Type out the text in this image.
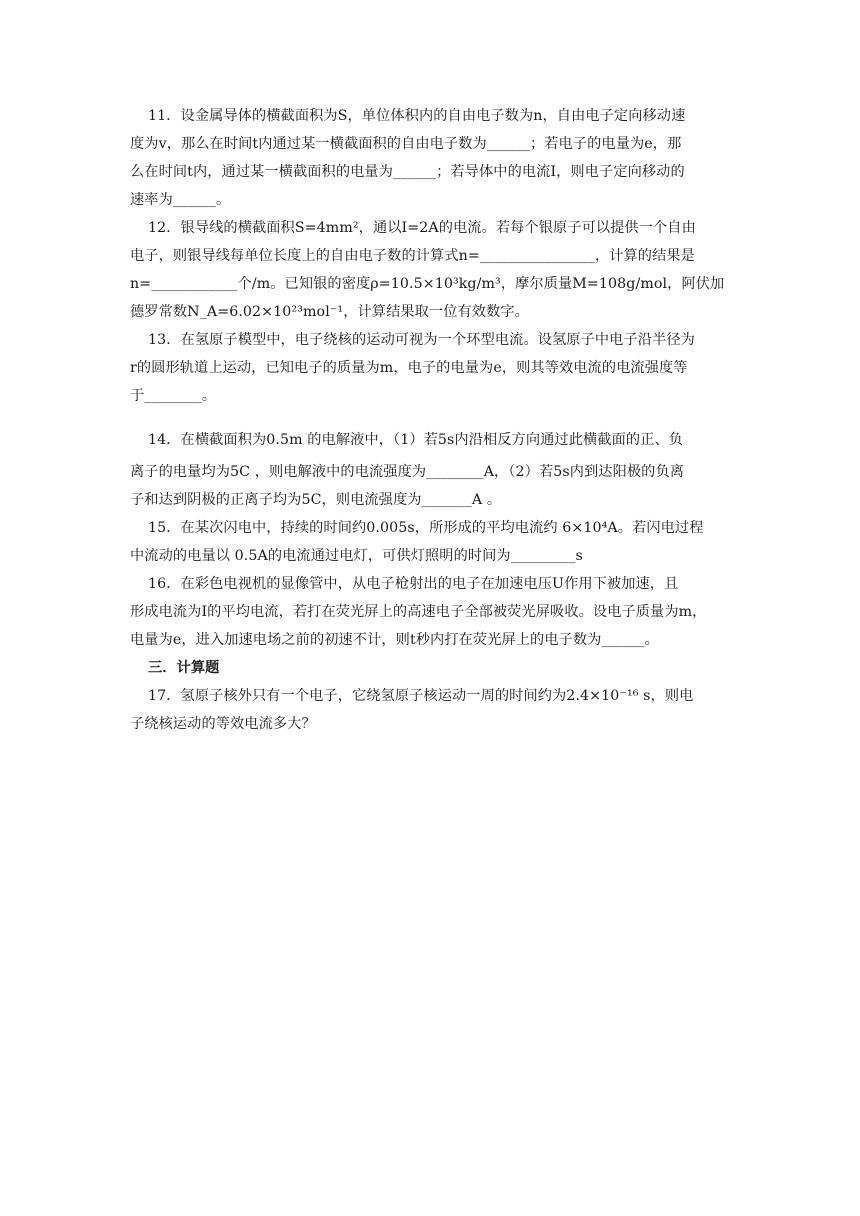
11．设金属导体的横截面积为S，单位体积内的自由电子数为n，自由电子定向移动速
度为v，那么在时间t内通过某一横截面积的自由电子数为______；若电子的电量为e，那
么在时间t内，通过某一横截面积的电量为______；若导体中的电流I，则电子定向移动的
速率为______。
12．银导线的横截面积S=4mm²，通以I=2A的电流。若每个银原子可以提供一个自由
电子，则银导线每单位长度上的自由电子数的计算式n=________________，计算的结果是
n=____________个/m。已知银的密度ρ=10.5×10³kg/m³，摩尔质量M=108g/mol，阿伏加
德罗常数N_A=6.02×10²³mol⁻¹，计算结果取一位有效数字。
13．在氢原子模型中，电子绕核的运动可视为一个环型电流。设氢原子中电子沿半径为
r的圆形轨道上运动，已知电子的质量为m，电子的电量为e，则其等效电流的电流强度等
于________。
14．在横截面积为0.5m 的电解液中，（1）若5s内沿相反方向通过此横截面的正、负
离子的电量均为5C ，则电解液中的电流强度为________A，（2）若5s内到达阳极的负离
子和达到阴极的正离子均为5C，则电流强度为_______A 。
15．在某次闪电中，持续的时间约0.005s，所形成的平均电流约 6×10⁴A。若闪电过程
中流动的电量以 0.5A的电流通过电灯，可供灯照明的时间为_________s
16．在彩色电视机的显像管中，从电子枪射出的电子在加速电压U作用下被加速，且
形成电流为I的平均电流，若打在荧光屏上的高速电子全部被荧光屏吸收。设电子质量为m，
电量为e，进入加速电场之前的初速不计，则t秒内打在荧光屏上的电子数为______。
三．计算题
17．氢原子核外只有一个电子，它绕氢原子核运动一周的时间约为2.4×10⁻¹⁶ s，则电
子绕核运动的等效电流多大？
